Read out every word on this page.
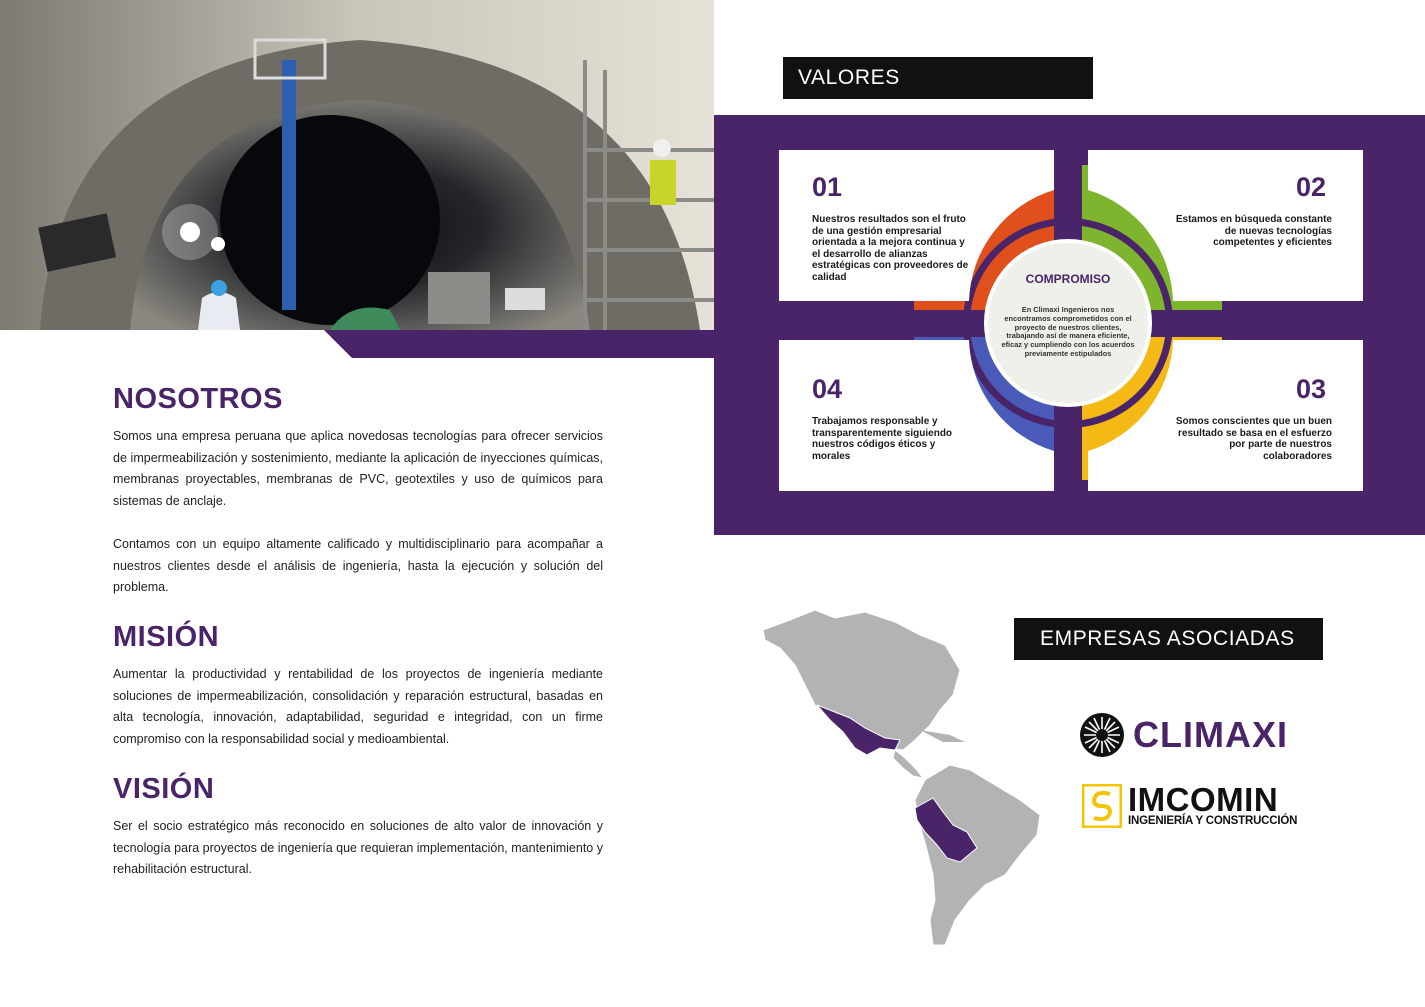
NOSOTROS

Somos una empresa peruana que aplica novedosas tecnologías para ofrecer servicios de impermeabilización y sostenimiento, mediante la aplicación de inyecciones químicas, membranas proyectables, membranas de PVC, geotextiles y uso de químicos para sistemas de anclaje.

Contamos con un equipo altamente calificado y multidisciplinario para acompañar a nuestros clientes desde el análisis de ingeniería, hasta la ejecución y solución del problema.

MISIÓN

Aumentar la productividad y rentabilidad de los proyectos de ingeniería mediante soluciones de impermeabilización, consolidación y reparación estructural, basadas en alta tecnología, innovación, adaptabilidad, seguridad e integridad, con un firme compromiso con la responsabilidad social y medioambiental.

VISIÓN

Ser el socio estratégico más reconocido en soluciones de alto valor de innovación y tecnología para proyectos de ingeniería que requieran implementación, mantenimiento y rehabilitación estructural.

VALORES

01

Nuestros resultados son el fruto de una gestión empresarial orientada a la mejora continua y el desarrollo de alianzas estratégicas con proveedores de calidad

02

Estamos en búsqueda constante de nuevas tecnologías competentes y eficientes

04

Trabajamos responsable y transparentemente siguiendo nuestros códigos éticos y morales

03

Somos conscientes que un buen resultado se basa en el esfuerzo por parte de nuestros colaboradores

COMPROMISO

En Climaxi Ingenieros nos encontramos comprometidos con el proyecto de nuestros clientes, trabajando así de manera eficiente, eficaz y cumpliendo con los acuerdos previamente estipulados

EMPRESAS ASOCIADAS
CLIMAXI
IMCOMIN
INGENIERÍA Y CONSTRUCCIÓN
